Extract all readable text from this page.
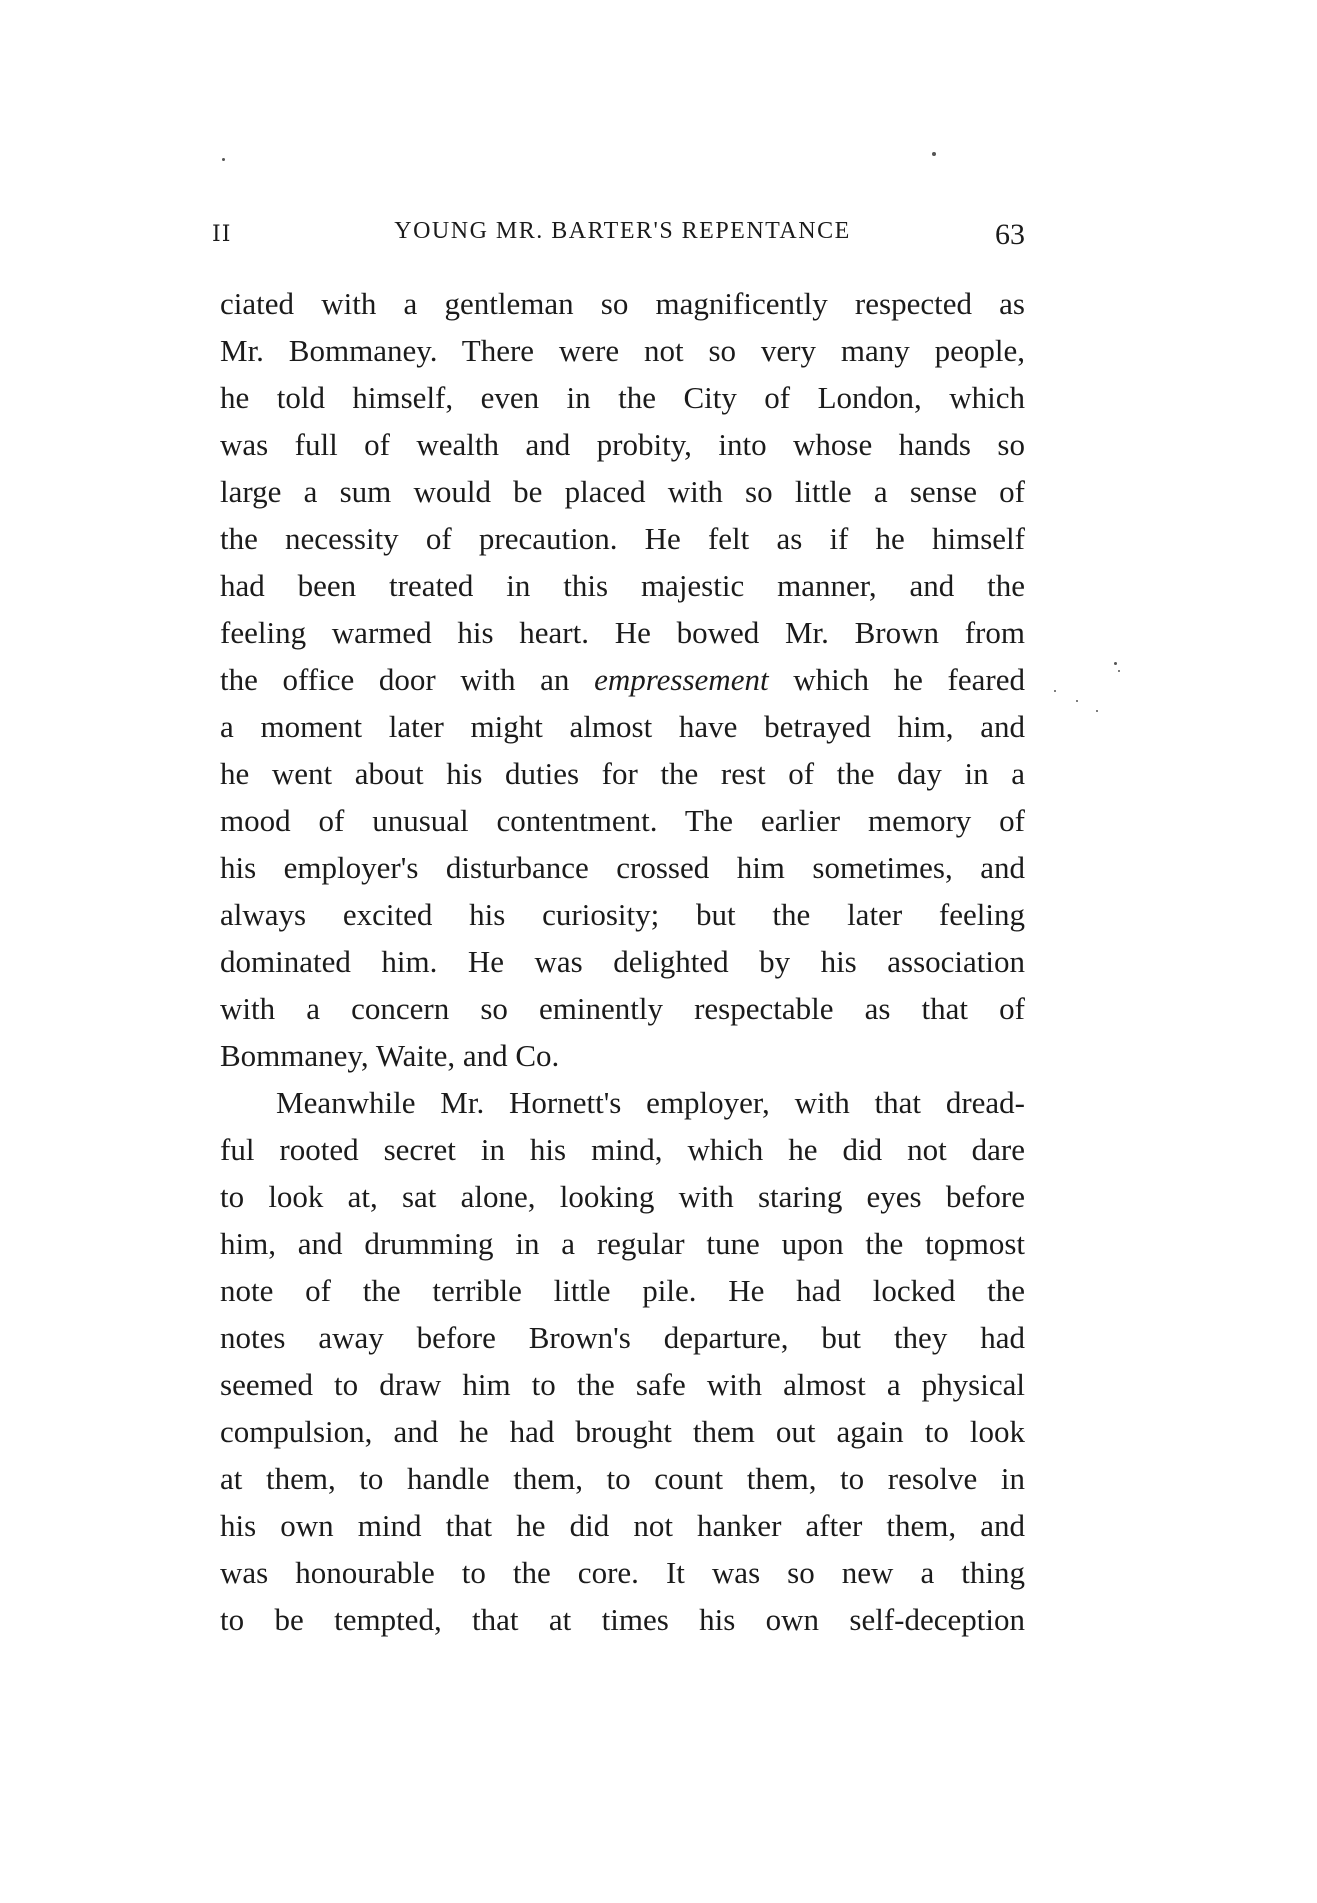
II	YOUNG MR. BARTER'S REPENTANCE	63
ciated with a gentleman so magnificently respected as
Mr. Bommaney. There were not so very many people,
he told himself, even in the City of London, which
was full of wealth and probity, into whose hands so
large a sum would be placed with so little a sense of
the necessity of precaution. He felt as if he himself
had been treated in this majestic manner, and the
feeling warmed his heart. He bowed Mr. Brown from
the office door with an empressement which he feared
a moment later might almost have betrayed him, and
he went about his duties for the rest of the day in a
mood of unusual contentment. The earlier memory of
his employer's disturbance crossed him sometimes, and
always excited his curiosity; but the later feeling
dominated him. He was delighted by his association
with a concern so eminently respectable as that of
Bommaney, Waite, and Co.
Meanwhile Mr. Hornett's employer, with that dread-
ful rooted secret in his mind, which he did not dare
to look at, sat alone, looking with staring eyes before
him, and drumming in a regular tune upon the topmost
note of the terrible little pile. He had locked the
notes away before Brown's departure, but they had
seemed to draw him to the safe with almost a physical
compulsion, and he had brought them out again to look
at them, to handle them, to count them, to resolve in
his own mind that he did not hanker after them, and
was honourable to the core. It was so new a thing
to be tempted, that at times his own self-deception
